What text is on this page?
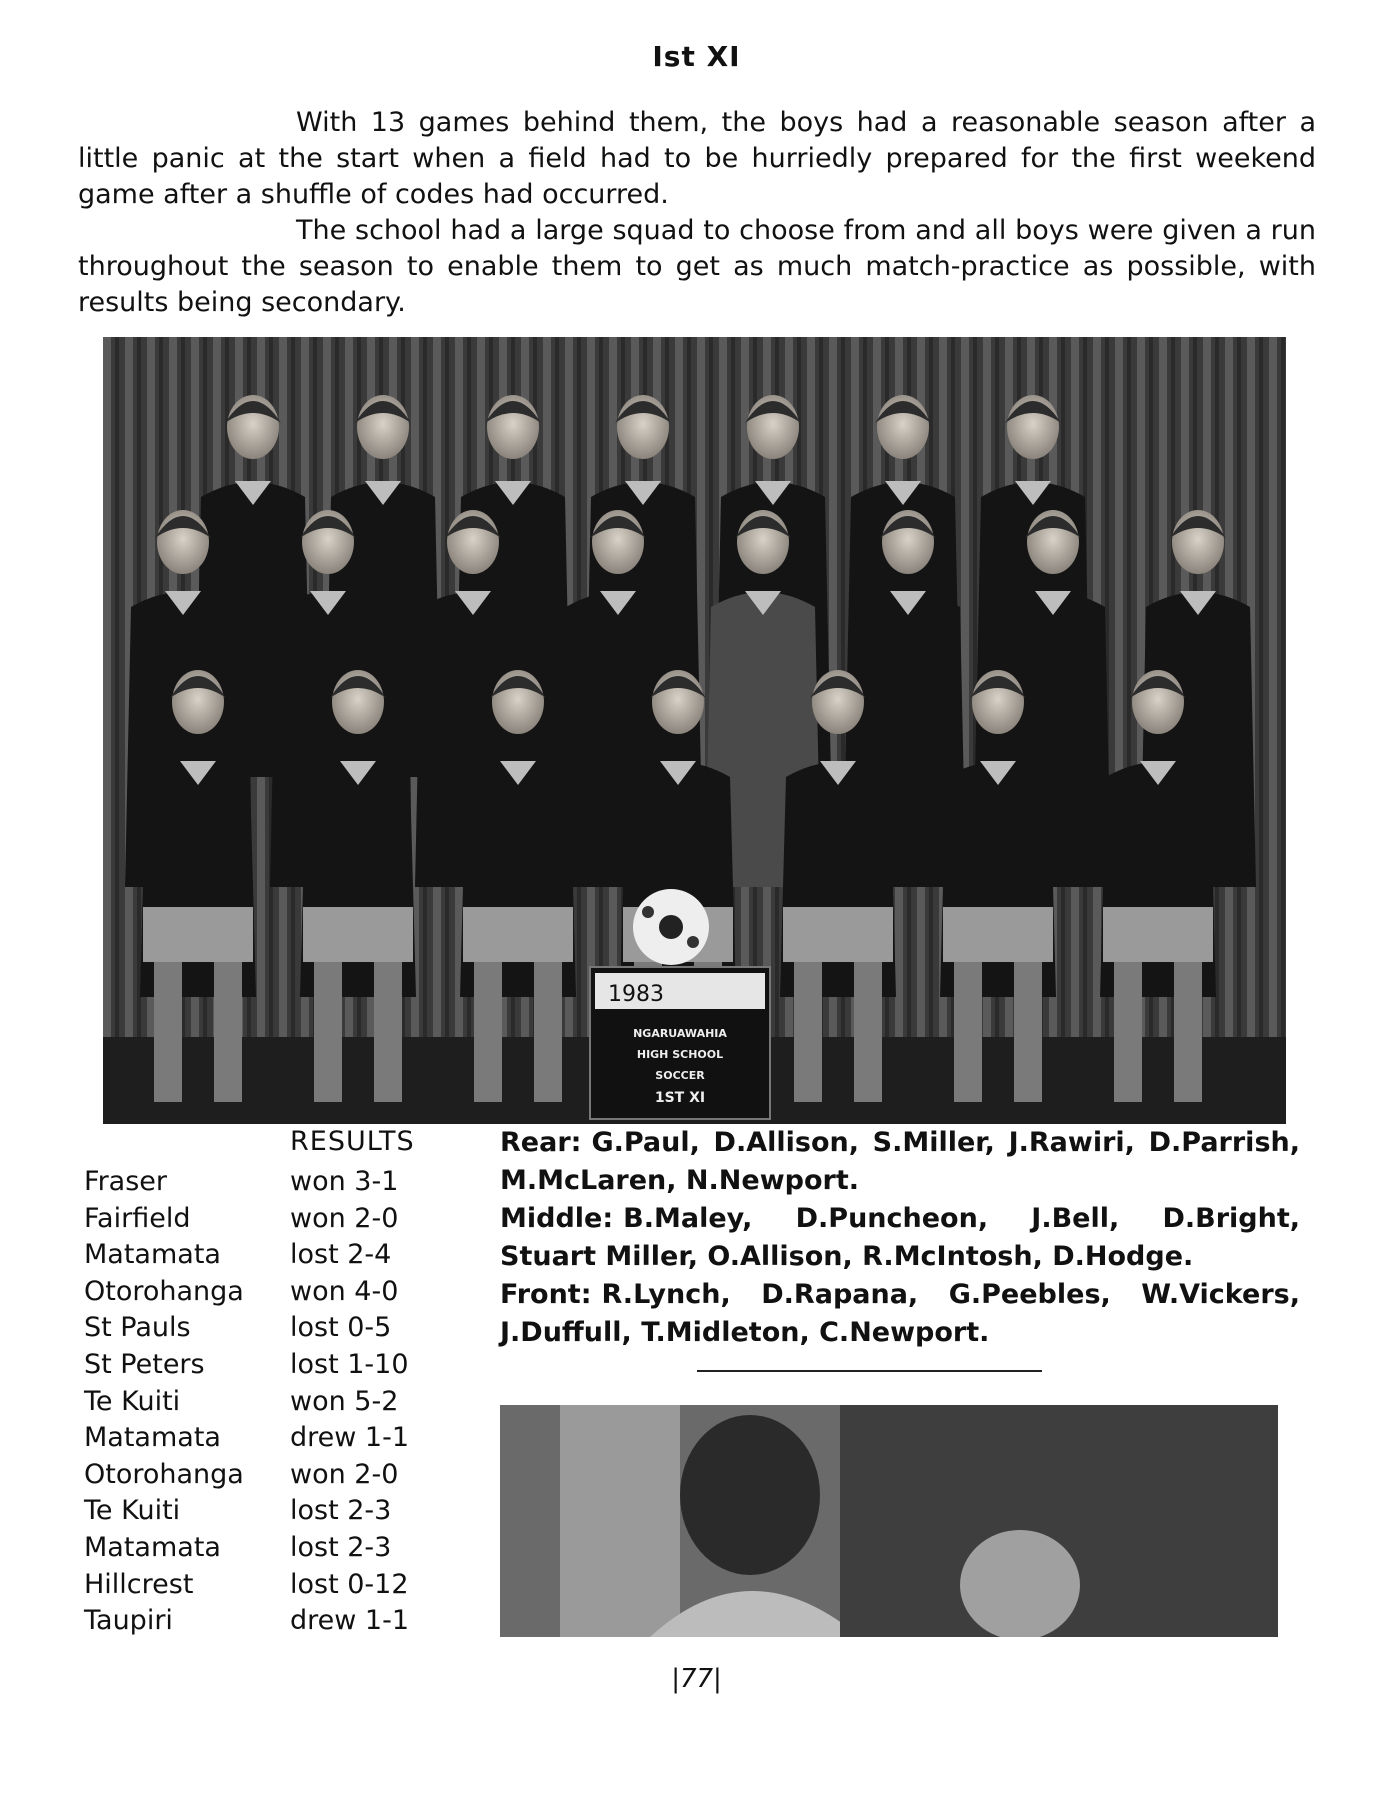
Ist XI

With 13 games behind them, the boys had a reasonable season after a little panic at the start when a field had to be hurriedly prepared for the first weekend game after a shuffle of codes had occurred.

The school had a large squad to choose from and all boys were given a run throughout the season to enable them to get as much match-practice as possible, with results being secondary.

1983
NGARUAWAHIA
HIGH SCHOOL
SOCCER
1ST XI
RESULTS
Fraser	won 3-1
Fairfield	won 2-0
Matamata	lost 2-4
Otorohanga won 4-0
St Pauls	lost 0-5
St Peters	lost 1-10
Te Kuiti	won 5-2
Matamata	drew 1-1
Otorohanga won 2-0
Te Kuiti	lost 2-3
Matamata	lost 2-3
Hillcrest	lost 0-12
Taupiri	drew 1-1

Rear: G.Paul, D.Allison, S.Miller, J.Rawiri, D.Parrish, M.McLaren, N.Newport.

Middle: B.Maley, D.Puncheon, J.Bell, D.Bright, Stuart Miller, O.Allison, R.McIntosh, D.Hodge.

Front: R.Lynch, D.Rapana, G.Peebles, W.Vickers, J.Duffull, T.Midleton, C.Newport.

|77|
